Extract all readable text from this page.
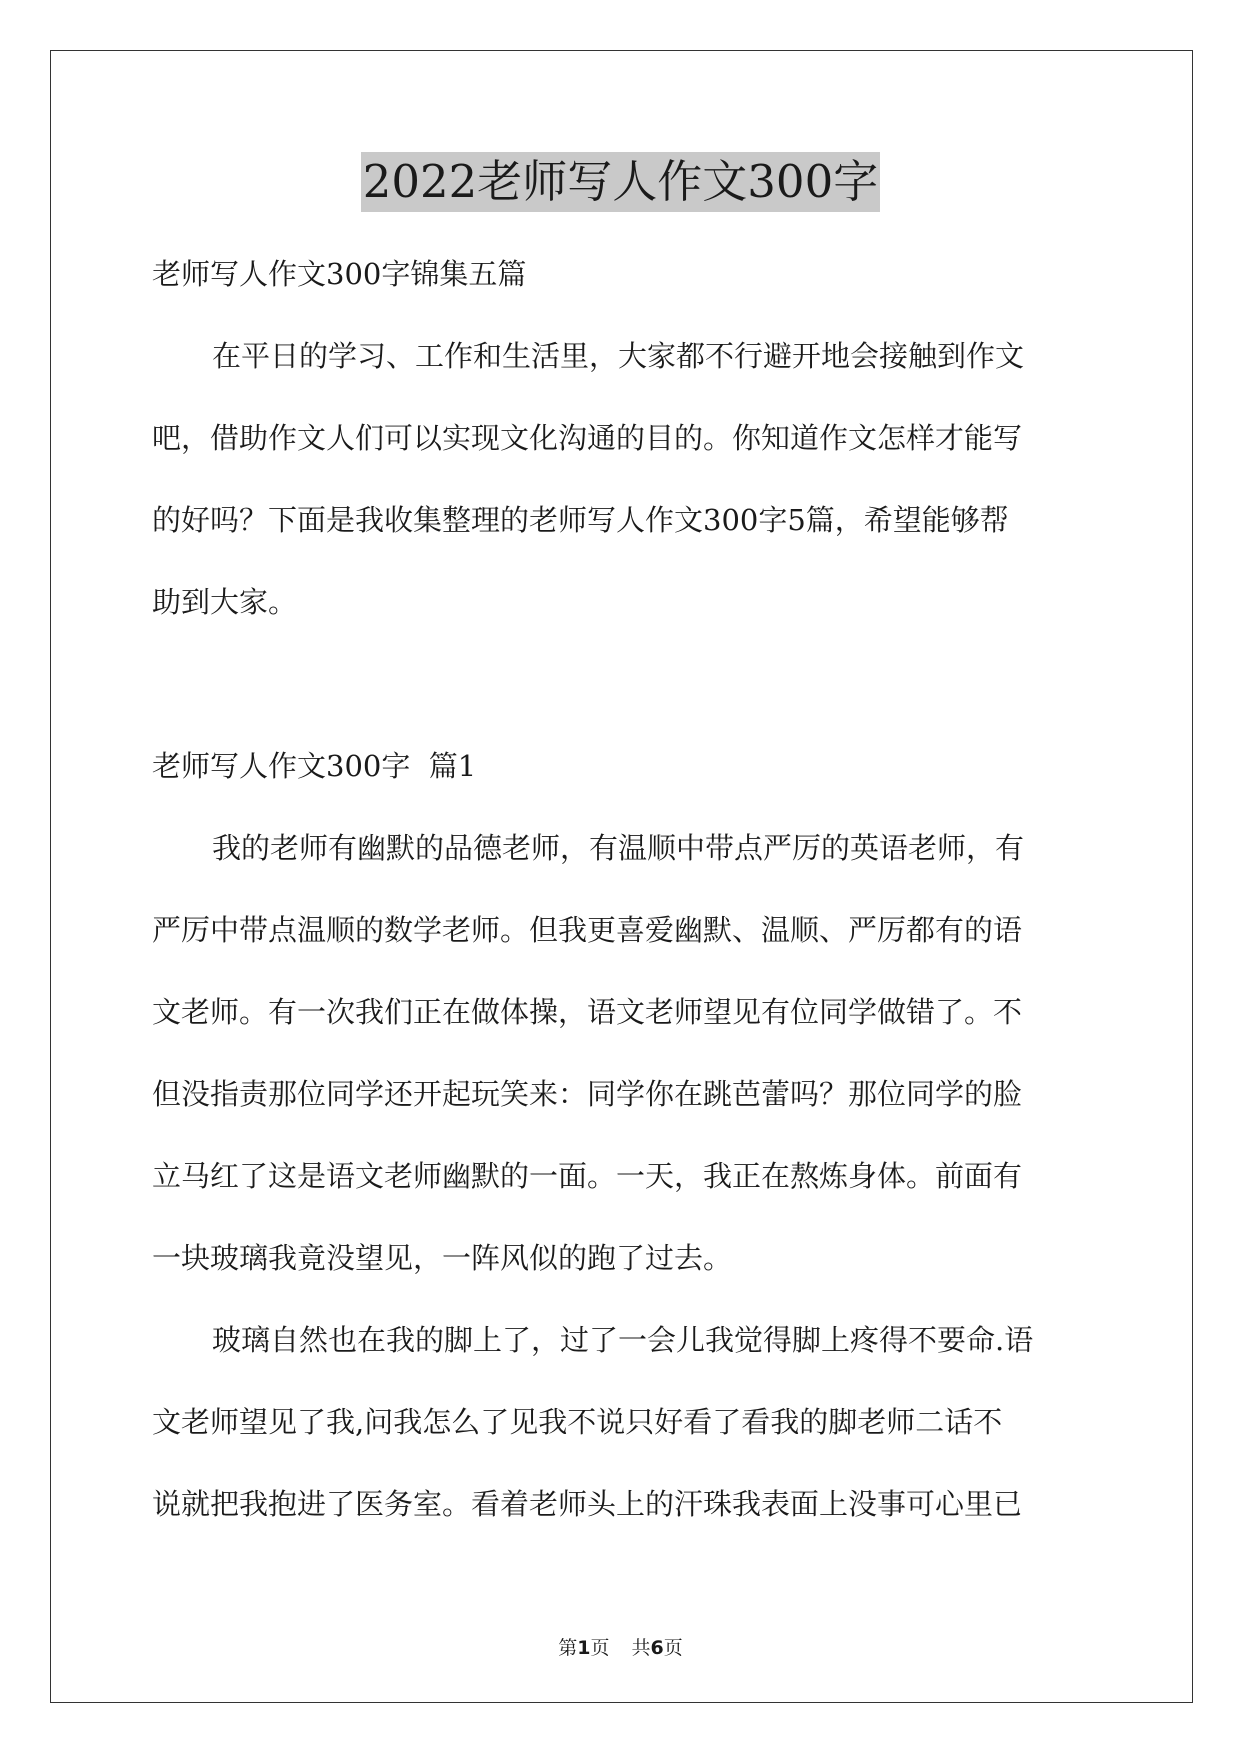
2022老师写人作文300字
老师写人作文300字锦集五篇
在平日的学习、工作和生活里，大家都不行避开地会接触到作文
吧，借助作文人们可以实现文化沟通的目的。你知道作文怎样才能写
的好吗？下面是我收集整理的老师写人作文300字5篇，希望能够帮
助到大家。
老师写人作文300字  篇1
我的老师有幽默的品德老师，有温顺中带点严厉的英语老师，有
严厉中带点温顺的数学老师。但我更喜爱幽默、温顺、严厉都有的语
文老师。有一次我们正在做体操，语文老师望见有位同学做错了。不
但没指责那位同学还开起玩笑来：同学你在跳芭蕾吗？那位同学的脸
立马红了这是语文老师幽默的一面。一天，我正在熬炼身体。前面有
一块玻璃我竟没望见，一阵风似的跑了过去。
玻璃自然也在我的脚上了，过了一会儿我觉得脚上疼得不要命.语
文老师望见了我,问我怎么了见我不说只好看了看我的脚老师二话不
说就把我抱进了医务室。看着老师头上的汗珠我表面上没事可心里已
第1页 共6页
